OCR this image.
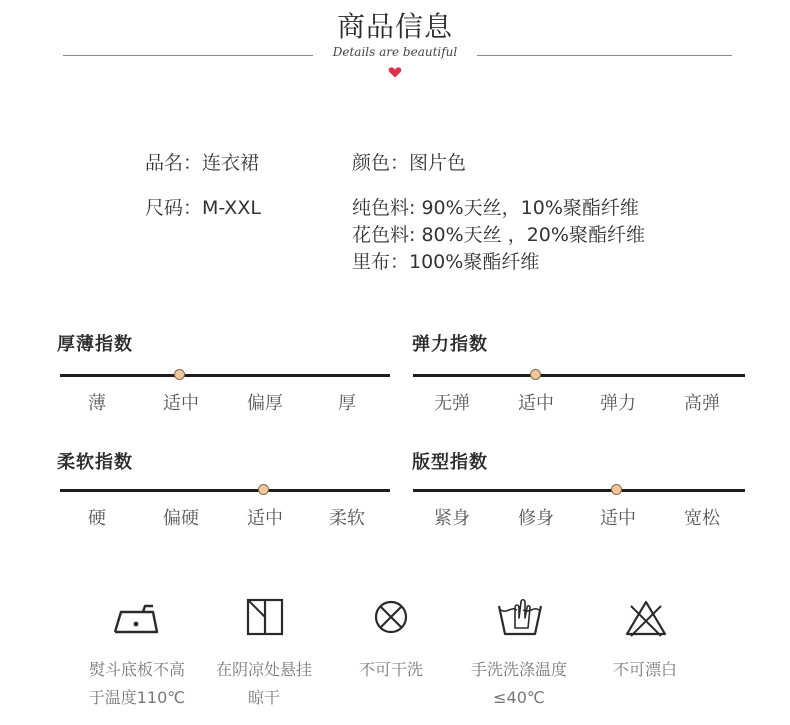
商品信息
Details are beautiful
品名：连衣裙	颜色：图片色
尺码：M-XXL	纯色料: 90%天丝，10%聚酯纤维
花色料: 80%天丝 ，20%聚酯纤维
里布：100%聚酯纤维
厚薄指数
薄	适中	偏厚	厚
弹力指数
无弹	适中	弹力	高弹
柔软指数
硬	偏硬	适中	柔软
版型指数
紧身	修身	适中	宽松
熨斗底板不高
于温度110℃
在阴凉处悬挂
晾干
不可干洗	手洗洗涤温度
≤40℃
不可漂白
